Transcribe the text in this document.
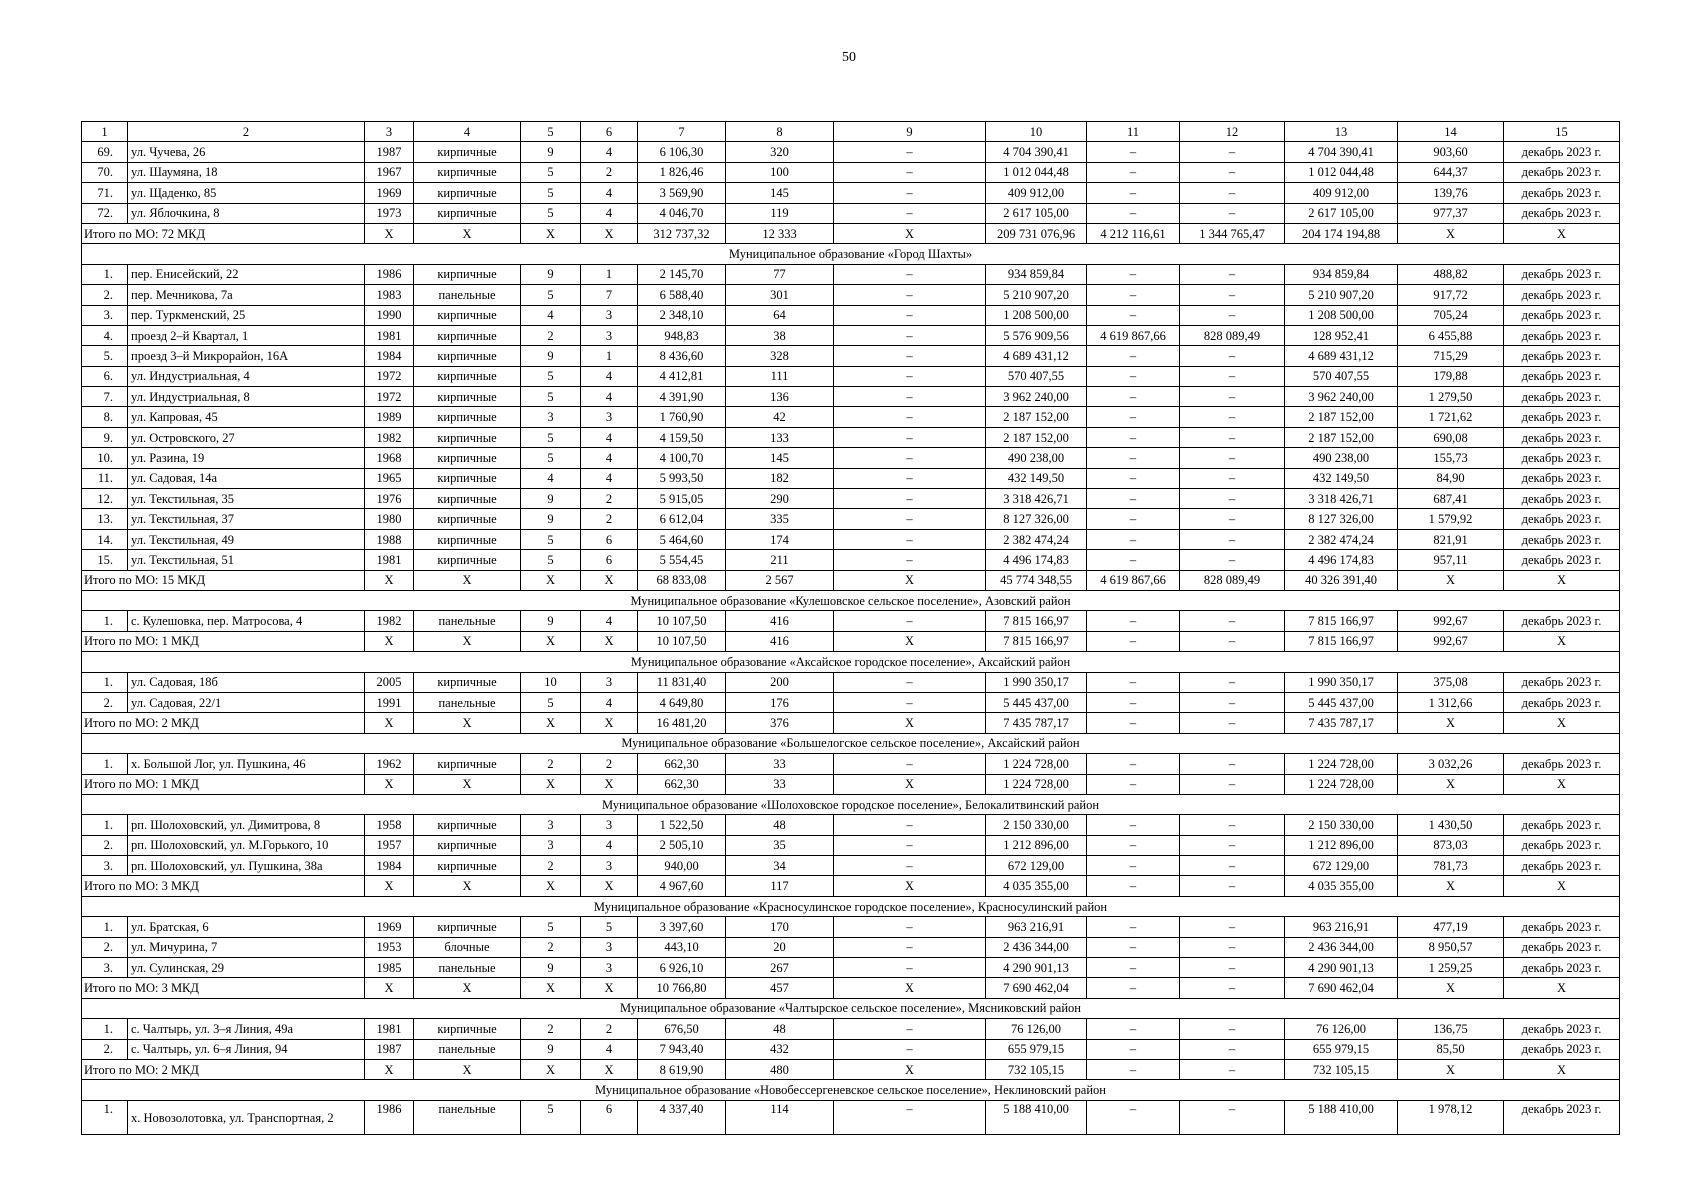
50
1	2	3	4	5	6	7	8	9	10	11	12	13	14	15
69.	ул. Чучева, 26	1987	кирпичные	9	4	6 106,30	320	–	4 704 390,41	–	–	4 704 390,41	903,60	декабрь 2023 г.
70.	ул. Шаумяна, 18	1967	кирпичные	5	2	1 826,46	100	–	1 012 044,48	–	–	1 012 044,48	644,37	декабрь 2023 г.
71.	ул. Щаденко, 85	1969	кирпичные	5	4	3 569,90	145	–	409 912,00	–	–	409 912,00	139,76	декабрь 2023 г.
72.	ул. Яблочкина, 8	1973	кирпичные	5	4	4 046,70	119	–	2 617 105,00	–	–	2 617 105,00	977,37	декабрь 2023 г.
Итого по МО: 72 МКД		Х	Х	Х	Х	312 737,32	12 333	Х	209 731 076,96	4 212 116,61	1 344 765,47	204 174 194,88	Х	Х
Муниципальное образование «Город Шахты»														
1.	пер. Енисейский, 22	1986	кирпичные	9	1	2 145,70	77	–	934 859,84	–	–	934 859,84	488,82	декабрь 2023 г.
2.	пер. Мечникова, 7а	1983	панельные	5	7	6 588,40	301	–	5 210 907,20	–	–	5 210 907,20	917,72	декабрь 2023 г.
3.	пер. Туркменский, 25	1990	кирпичные	4	3	2 348,10	64	–	1 208 500,00	–	–	1 208 500,00	705,24	декабрь 2023 г.
4.	проезд 2–й Квартал, 1	1981	кирпичные	2	3	948,83	38	–	5 576 909,56	4 619 867,66	828 089,49	128 952,41	6 455,88	декабрь 2023 г.
5.	проезд 3–й Микрорайон, 16А	1984	кирпичные	9	1	8 436,60	328	–	4 689 431,12	–	–	4 689 431,12	715,29	декабрь 2023 г.
6.	ул. Индустриальная, 4	1972	кирпичные	5	4	4 412,81	111	–	570 407,55	–	–	570 407,55	179,88	декабрь 2023 г.
7.	ул. Индустриальная, 8	1972	кирпичные	5	4	4 391,90	136	–	3 962 240,00	–	–	3 962 240,00	1 279,50	декабрь 2023 г.
8.	ул. Капровая, 45	1989	кирпичные	3	3	1 760,90	42	–	2 187 152,00	–	–	2 187 152,00	1 721,62	декабрь 2023 г.
9.	ул. Островского, 27	1982	кирпичные	5	4	4 159,50	133	–	2 187 152,00	–	–	2 187 152,00	690,08	декабрь 2023 г.
10.	ул. Разина, 19	1968	кирпичные	5	4	4 100,70	145	–	490 238,00	–	–	490 238,00	155,73	декабрь 2023 г.
11.	ул. Садовая, 14а	1965	кирпичные	4	4	5 993,50	182	–	432 149,50	–	–	432 149,50	84,90	декабрь 2023 г.
12.	ул. Текстильная, 35	1976	кирпичные	9	2	5 915,05	290	–	3 318 426,71	–	–	3 318 426,71	687,41	декабрь 2023 г.
13.	ул. Текстильная, 37	1980	кирпичные	9	2	6 612,04	335	–	8 127 326,00	–	–	8 127 326,00	1 579,92	декабрь 2023 г.
14.	ул. Текстильная, 49	1988	кирпичные	5	6	5 464,60	174	–	2 382 474,24	–	–	2 382 474,24	821,91	декабрь 2023 г.
15.	ул. Текстильная, 51	1981	кирпичные	5	6	5 554,45	211	–	4 496 174,83	–	–	4 496 174,83	957,11	декабрь 2023 г.
Итого по МО: 15 МКД		Х	Х	Х	Х	68 833,08	2 567	Х	45 774 348,55	4 619 867,66	828 089,49	40 326 391,40	Х	Х
Муниципальное образование «Кулешовское сельское поселение», Азовский район														
1.	с. Кулешовка, пер. Матросова, 4	1982	панельные	9	4	10 107,50	416	–	7 815 166,97	–	–	7 815 166,97	992,67	декабрь 2023 г.
Итого по МО: 1 МКД		Х	Х	Х	Х	10 107,50	416	Х	7 815 166,97	–	–	7 815 166,97	992,67	Х
Муниципальное образование «Аксайское городское поселение», Аксайский район														
1.	ул. Садовая, 18б	2005	кирпичные	10	3	11 831,40	200	–	1 990 350,17	–	–	1 990 350,17	375,08	декабрь 2023 г.
2.	ул. Садовая, 22/1	1991	панельные	5	4	4 649,80	176	–	5 445 437,00	–	–	5 445 437,00	1 312,66	декабрь 2023 г.
Итого по МО: 2 МКД		Х	Х	Х	Х	16 481,20	376	Х	7 435 787,17	–	–	7 435 787,17	Х	Х
Муниципальное образование «Большелогское сельское поселение», Аксайский район														
1.	х. Большой Лог, ул. Пушкина, 46	1962	кирпичные	2	2	662,30	33	–	1 224 728,00	–	–	1 224 728,00	3 032,26	декабрь 2023 г.
Итого по МО: 1 МКД		Х	Х	Х	Х	662,30	33	Х	1 224 728,00	–	–	1 224 728,00	Х	Х
Муниципальное образование «Шолоховское городское поселение», Белокалитвинский район														
1.	рп. Шолоховский, ул. Димитрова, 8	1958	кирпичные	3	3	1 522,50	48	–	2 150 330,00	–	–	2 150 330,00	1 430,50	декабрь 2023 г.
2.	рп. Шолоховский, ул. М.Горького, 10	1957	кирпичные	3	4	2 505,10	35	–	1 212 896,00	–	–	1 212 896,00	873,03	декабрь 2023 г.
3.	рп. Шолоховский, ул. Пушкина, 38а	1984	кирпичные	2	3	940,00	34	–	672 129,00	–	–	672 129,00	781,73	декабрь 2023 г.
Итого по МО: 3 МКД		Х	Х	Х	Х	4 967,60	117	Х	4 035 355,00	–	–	4 035 355,00	Х	Х
Муниципальное образование «Красносулинское городское поселение», Красносулинский район														
1.	ул. Братская, 6	1969	кирпичные	5	5	3 397,60	170	–	963 216,91	–	–	963 216,91	477,19	декабрь 2023 г.
2.	ул. Мичурина, 7	1953	блочные	2	3	443,10	20	–	2 436 344,00	–	–	2 436 344,00	8 950,57	декабрь 2023 г.
3.	ул. Сулинская, 29	1985	панельные	9	3	6 926,10	267	–	4 290 901,13	–	–	4 290 901,13	1 259,25	декабрь 2023 г.
Итого по МО: 3 МКД		Х	Х	Х	Х	10 766,80	457	Х	7 690 462,04	–	–	7 690 462,04	Х	Х
Муниципальное образование «Чалтырское сельское поселение», Мясниковский район														
1.	с. Чалтырь, ул. 3–я Линия, 49а	1981	кирпичные	2	2	676,50	48	–	76 126,00	–	–	76 126,00	136,75	декабрь 2023 г.
2.	с. Чалтырь, ул. 6–я Линия, 94	1987	панельные	9	4	7 943,40	432	–	655 979,15	–	–	655 979,15	85,50	декабрь 2023 г.
Итого по МО: 2 МКД		Х	Х	Х	Х	8 619,90	480	Х	732 105,15	–	–	732 105,15	Х	Х
Муниципальное образование «Новобессергеневское сельское поселение», Неклиновский район														
1.	х. Новозолотовка, ул. Транспортная, 2	1986	панельные	5	6	4 337,40	114	–	5 188 410,00	–	–	5 188 410,00	1 978,12	декабрь 2023 г.
